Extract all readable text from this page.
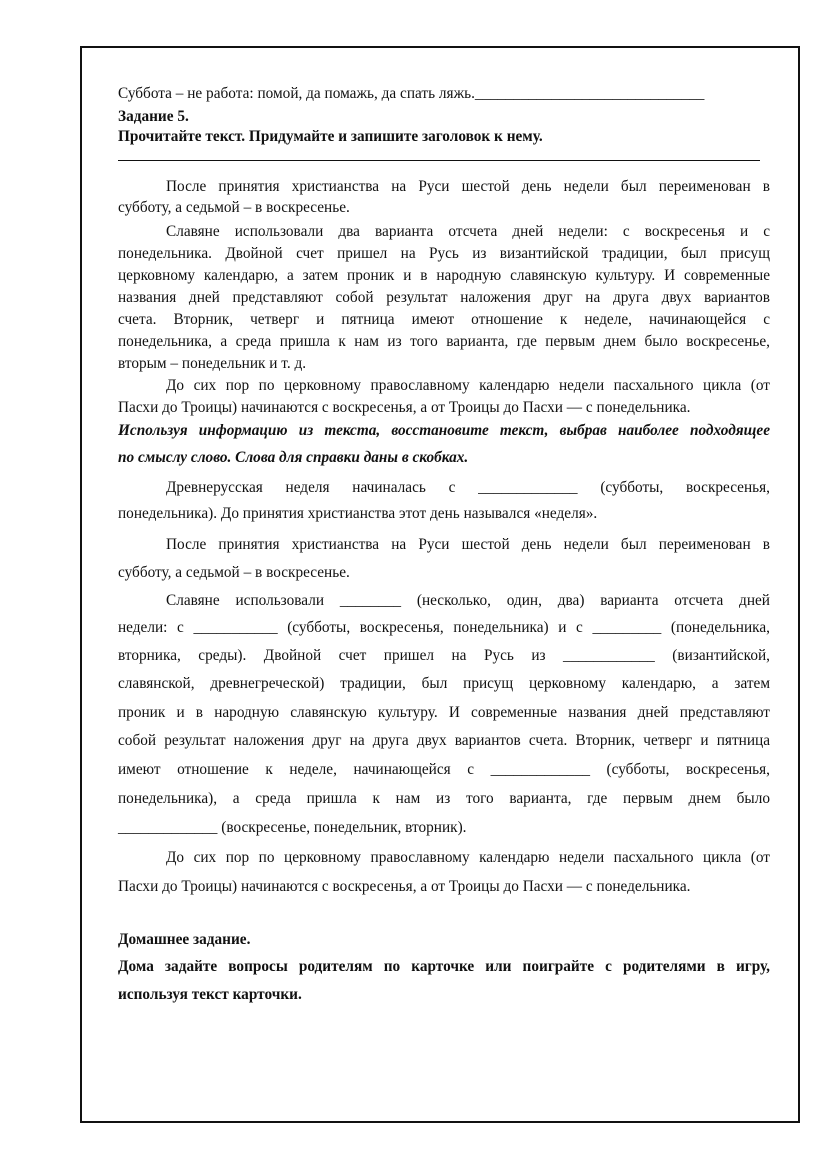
Суббота – не работа: помой, да помажь, да спать ляжь.______________________________
Задание 5.
Прочитайте текст. Придумайте и запишите заголовок к нему.
После принятия христианства на Руси шестой день недели был переименован в
субботу, а седьмой – в воскресенье.
Славяне использовали два варианта отсчета дней недели: с воскресенья и с
понедельника. Двойной счет пришел на Русь из византийской традиции, был присущ
церковному календарю, а затем проник и в народную славянскую культуру. И современные
названия дней представляют собой результат наложения друг на друга двух вариантов
счета. Вторник, четверг и пятница имеют отношение к неделе, начинающейся с
понедельника, а среда пришла к нам из того варианта, где первым днем было воскресенье,
вторым – понедельник и т. д.
До сих пор по церковному православному календарю недели пасхального цикла (от
Пасхи до Троицы) начинаются с воскресенья, а от Троицы до Пасхи — с понедельника.
Используя информацию из текста, восстановите текст, выбрав наиболее подходящее
по смыслу слово. Слова для справки даны в скобках.
Древнерусская неделя начиналась с _____________ (субботы, воскресенья,
понедельника). До принятия христианства этот день назывался «неделя».
После принятия христианства на Руси шестой день недели был переименован в
субботу, а седьмой – в воскресенье.
Славяне использовали ________ (несколько, один, два) варианта отсчета дней
недели: с ___________ (субботы, воскресенья, понедельника) и с _________ (понедельника,
вторника, среды). Двойной счет пришел на Русь из ____________ (византийской,
славянской, древнегреческой) традиции, был присущ церковному календарю, а затем
проник и в народную славянскую культуру. И современные названия дней представляют
собой результат наложения друг на друга двух вариантов счета. Вторник, четверг и пятница
имеют отношение к неделе, начинающейся с _____________ (субботы, воскресенья,
понедельника), а среда пришла к нам из того варианта, где первым днем было
_____________ (воскресенье, понедельник, вторник).
До сих пор по церковному православному календарю недели пасхального цикла (от
Пасхи до Троицы) начинаются с воскресенья, а от Троицы до Пасхи — с понедельника.
Домашнее задание.
Дома задайте вопросы родителям по карточке или поиграйте с родителями в игру,
используя текст карточки.
